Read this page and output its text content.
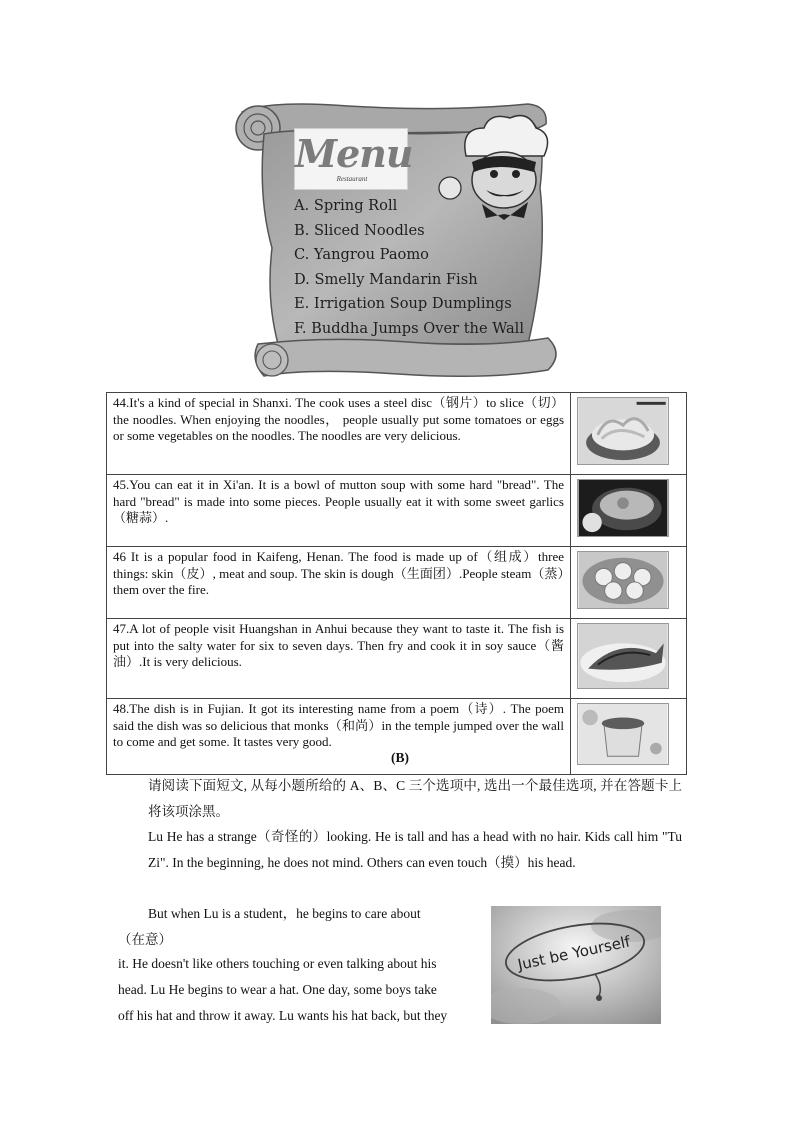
Menu
Restaurant
A. Spring Roll
B. Sliced Noodles
C. Yangrou Paomo
D. Smelly Mandarin Fish
E. Irrigation Soup Dumplings
F. Buddha Jumps Over the Wall
44.It's a kind of special in Shanxi. The cook uses a steel disc（钢片）to slice（切）the noodles. When enjoying the noodles， people usually put some tomatoes or eggs or some vegetables on the noodles. The noodles are very delicious.	
45.You can eat it in Xi'an. It is a bowl of mutton soup with some hard "bread". The hard "bread" is made into some pieces. People usually eat it with some sweet garlics（糖蒜）.	
46 It is a popular food in Kaifeng, Henan. The food is made up of（组成）three things: skin（皮）, meat and soup. The skin is dough（生面团）.People steam（蒸）them over the fire.	
47.A lot of people visit Huangshan in Anhui because they want to taste it. The fish is put into the salty water for six to seven days. Then fry and cook it in soy sauce（酱油）.It is very delicious.	
48.The dish is in Fujian. It got its interesting name from a poem（诗）. The poem said the dish was so delicious that monks（和尚）in the temple jumped over the wall to come and get some. It tastes very good.	
(B)
请阅读下面短文, 从每小题所给的 A、B、C 三个选项中, 选出一个最佳选项, 并在答题卡上将该项涂黑。
Lu He has a strange（奇怪的）looking. He is tall and has a head with no hair. Kids call him "Tu Zi". In the beginning, he does not mind. Others can even touch（摸）his head.
But when Lu is a student，he begins to care about
（在意）
it. He doesn't like others touching or even talking about his
head. Lu He begins to wear a hat. One day, some boys take
off his hat and throw it away. Lu wants his hat back, but they
Just be Yourself
